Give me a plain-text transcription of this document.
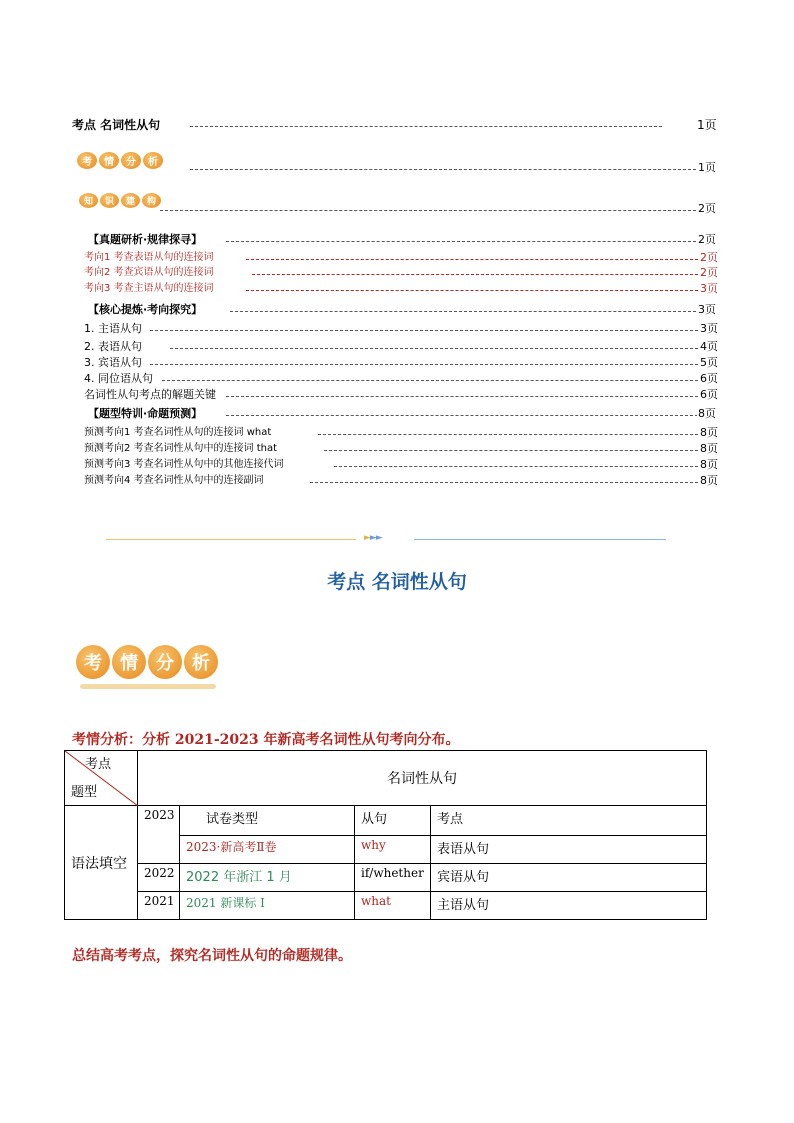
考点 名词性从句	1页
考	情	分	析	1页
知	识	建	构	2页
【真题研析·规律探寻】	2页
考向1 考查表语从句的连接词	2页
考向2 考查宾语从句的连接词	2页
考向3 考查主语从句的连接词	3页
【核心提炼·考向探究】	3页
1. 主语从句	3页
2. 表语从句	4页
3. 宾语从句	5页
4. 同位语从句	6页
名词性从句考点的解题关键	6页
【题型特训·命题预测】	8页
预测考向1 考查名词性从句的连接词 what	8页
预测考向2 考查名词性从句中的连接词 that	8页
预测考向3 考查名词性从句中的其他连接代词	8页
预测考向4 考查名词性从句中的连接副词	8页
►►►
考点 名词性从句
考	情	分	析
考情分析：分析 2021-2023 年新高考名词性从句考向分布。
考点
题型	名词性从句			
语法填空	2023	试卷类型	从句	考点
		2023·新高考Ⅱ卷	why	表语从句
	2022	2022 年浙江 1 月	if/whether	宾语从句
	2021	2021 新课标 I	what	主语从句
总结高考考点，探究名词性从句的命题规律。
